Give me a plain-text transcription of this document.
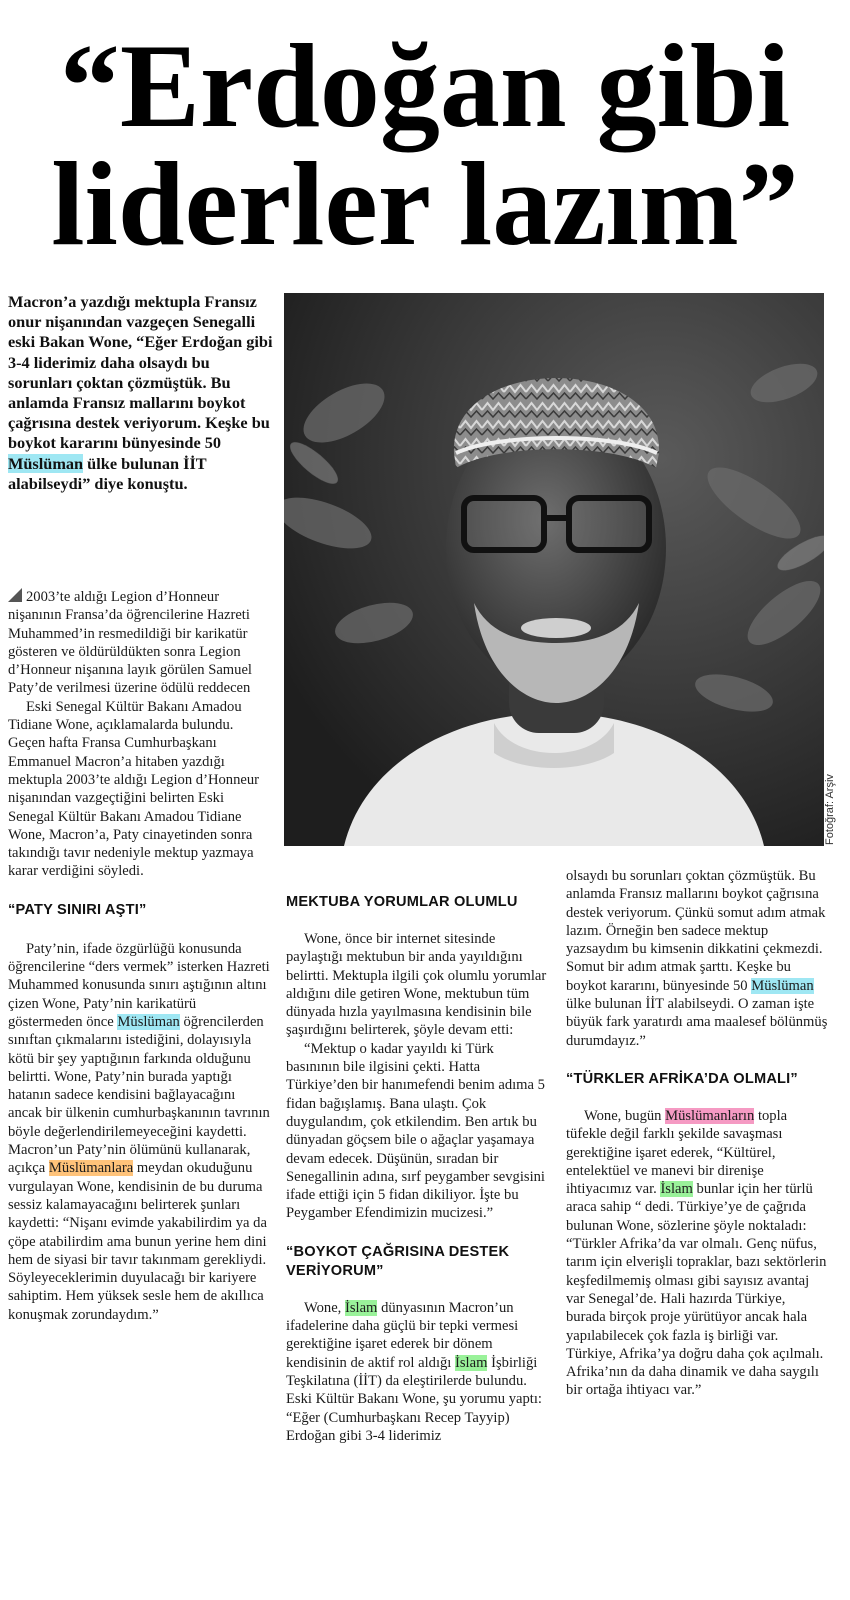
“Erdoğan gibi
liderler lazım”
Macron’a yazdığı mektupla Fransız onur nişanından vazgeçen Senegalli eski Bakan Wone, “Eğer Erdoğan gibi 3-4 liderimiz daha olsaydı bu sorunları çoktan çözmüştük. Bu anlamda Fransız mallarını boykot çağrısına destek veriyorum. Keşke bu boykot kararını bünyesinde 50 Müslüman ülke bulunan İİT alabilseydi” diye konuştu.
Fotoğraf: Arşiv

2003’te aldığı Legion d’Honneur nişanının Fransa’da öğrencilerine Hazreti Muhammed’in resmedildiği bir karikatür gösteren ve öldürüldükten sonra Legion d’Honneur nişanına layık görülen Samuel Paty’de verilmesi üzerine ödülü reddecen

Eski Senegal Kültür Bakanı Amadou Tidiane Wone, açıklamalarda bulundu. Geçen hafta Fransa Cumhurbaşkanı Emmanuel Macron’a hitaben yazdığı mektupla 2003’te aldığı Legion d’Honneur nişanından vazgeçtiğini belirten Eski Senegal Kültür Bakanı Amadou Tidiane Wone, Macron’a, Paty cinayetinden sonra takındığı tavır nedeniyle mektup yazmaya karar verdiğini söyledi.

“PATY SINIRI AŞTI”

Paty’nin, ifade özgürlüğü konusunda öğrencilerine “ders vermek” isterken Hazreti Muhammed konusunda sınırı aştığının altını çizen Wone, Paty’nin karikatürü göstermeden önce Müslüman öğrencilerden sınıftan çıkmalarını istediğini, dolayısıyla kötü bir şey yaptığının farkında olduğunu belirtti. Wone, Paty’nin burada yaptığı hatanın sadece kendisini bağlayacağını ancak bir ülkenin cumhurbaşkanının tavrının böyle değerlendirilemeyeceğini kaydetti. Macron’un Paty’nin ölümünü kullanarak, açıkça Müslümanlara meydan okuduğunu vurgulayan Wone, kendisinin de bu duruma sessiz kalamayacağını belirterek şunları kaydetti: “Nişanı evimde yakabilirdim ya da çöpe atabilirdim ama bunun yerine hem dini hem de siyasi bir tavır takınmam gerekliydi. Söyleyeceklerimin duyulacağı bir kariyere sahiptim. Hem yüksek sesle hem de akıllıca konuşmak zorundaydım.”

MEKTUBA YORUMLAR OLUMLU

Wone, önce bir internet sitesinde paylaştığı mektubun bir anda yayıldığını belirtti. Mektupla ilgili çok olumlu yorumlar aldığını dile getiren Wone, mektubun tüm dünyada hızla yayılmasına kendisinin bile şaşırdığını belirterek, şöyle devam etti:

“Mektup o kadar yayıldı ki Türk basınının bile ilgisini çekti. Hatta Türkiye’den bir hanımefendi benim adıma 5 fidan bağışlamış. Bana ulaştı. Çok duygulandım, çok etkilendim. Ben artık bu dünyadan göçsem bile o ağaçlar yaşamaya devam edecek. Düşünün, sıradan bir Senegallinin adına, sırf peygamber sevgisini ifade ettiği için 5 fidan dikiliyor. İşte bu Peygamber Efendimizin mucizesi.”

“BOYKOT ÇAĞRISINA DESTEK VERİYORUM”

Wone, İslam dünyasının Macron’un ifadelerine daha güçlü bir tepki vermesi gerektiğine işaret ederek bir dönem kendisinin de aktif rol aldığı İslam İşbirliği Teşkilatına (İİT) da eleştirilerde bulundu. Eski Kültür Bakanı Wone, şu yorumu yaptı: “Eğer (Cumhurbaşkanı Recep Tayyip) Erdoğan gibi 3-4 liderimiz

olsaydı bu sorunları çoktan çözmüştük. Bu anlamda Fransız mallarını boykot çağrısına destek veriyorum. Çünkü somut adım atmak lazım. Örneğin ben sadece mektup yazsaydım bu kimsenin dikkatini çekmezdi. Somut bir adım atmak şarttı. Keşke bu boykot kararını, bünyesinde 50 Müslüman ülke bulunan İİT alabilseydi. O zaman işte büyük fark yaratırdı ama maalesef bölünmüş durumdayız.”

“TÜRKLER AFRİKA’DA OLMALI”

Wone, bugün Müslümanların topla tüfekle değil farklı şekilde savaşması gerektiğine işaret ederek, “Kültürel, entelektüel ve manevi bir direnişe ihtiyacımız var. İslam bunlar için her türlü araca sahip “ dedi. Türkiye’ye de çağrıda bulunan Wone, sözlerine şöyle noktaladı: “Türkler Afrika’da var olmalı. Genç nüfus, tarım için elverişli topraklar, bazı sektörlerin keşfedilmemiş olması gibi sayısız avantaj var Senegal’de. Hali hazırda Türkiye, burada birçok proje yürütüyor ancak hala yapılabilecek çok fazla iş birliği var. Türkiye, Afrika’ya doğru daha çok açılmalı. Afrika’nın da daha dinamik ve daha saygılı bir ortağa ihtiyacı var.”
